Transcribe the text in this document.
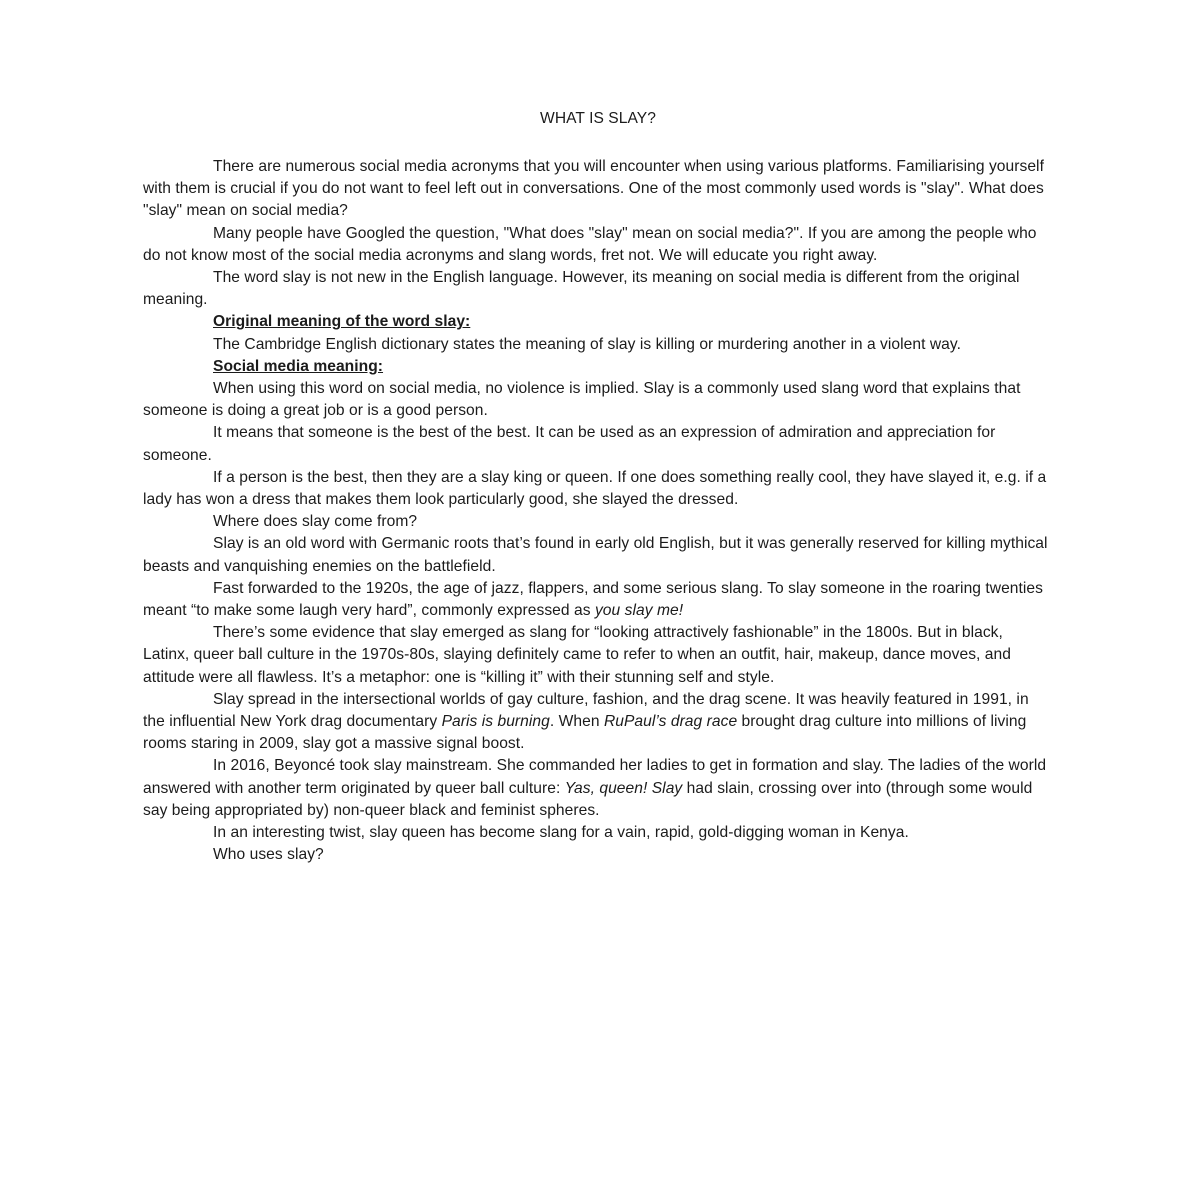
WHAT IS SLAY?

There are numerous social media acronyms that you will encounter when using various platforms. Familiarising yourself with them is crucial if you do not want to feel left out in conversations. One of the most commonly used words is "slay". What does "slay" mean on social media?

Many people have Googled the question, "What does "slay" mean on social media?". If you are among the people who do not know most of the social media acronyms and slang words, fret not. We will educate you right away.

The word slay is not new in the English language. However, its meaning on social media is different from the original meaning.

Original meaning of the word slay:

The Cambridge English dictionary states the meaning of slay is killing or murdering another in a violent way.

Social media meaning:

When using this word on social media, no violence is implied. Slay is a commonly used slang word that explains that someone is doing a great job or is a good person.

It means that someone is the best of the best. It can be used as an expression of admiration and appreciation for someone.

If a person is the best, then they are a slay king or queen. If one does something really cool, they have slayed it, e.g. if a lady has won a dress that makes them look particularly good, she slayed the dressed.

Where does slay come from?

Slay is an old word with Germanic roots that’s found in early old English, but it was generally reserved for killing mythical beasts and vanquishing enemies on the battlefield.

Fast forwarded to the 1920s, the age of jazz, flappers, and some serious slang. To slay someone in the roaring twenties meant “to make some laugh very hard”, commonly expressed as you slay me!

There’s some evidence that slay emerged as slang for “looking attractively fashionable” in the 1800s. But in black, Latinx, queer ball culture in the 1970s-80s, slaying definitely came to refer to when an outfit, hair, makeup, dance moves, and attitude were all flawless. It’s a metaphor: one is “killing it” with their stunning self and style.

Slay spread in the intersectional worlds of gay culture, fashion, and the drag scene. It was heavily featured in 1991, in the influential New York drag documentary Paris is burning. When RuPaul’s drag race brought drag culture into millions of living rooms staring in 2009, slay got a massive signal boost.

In 2016, Beyoncé took slay mainstream. She commanded her ladies to get in formation and slay. The ladies of the world answered with another term originated by queer ball culture: Yas, queen! Slay had slain, crossing over into (through some would say being appropriated by) non-queer black and feminist spheres.

In an interesting twist, slay queen has become slang for a vain, rapid, gold-digging woman in Kenya.

Who uses slay?
